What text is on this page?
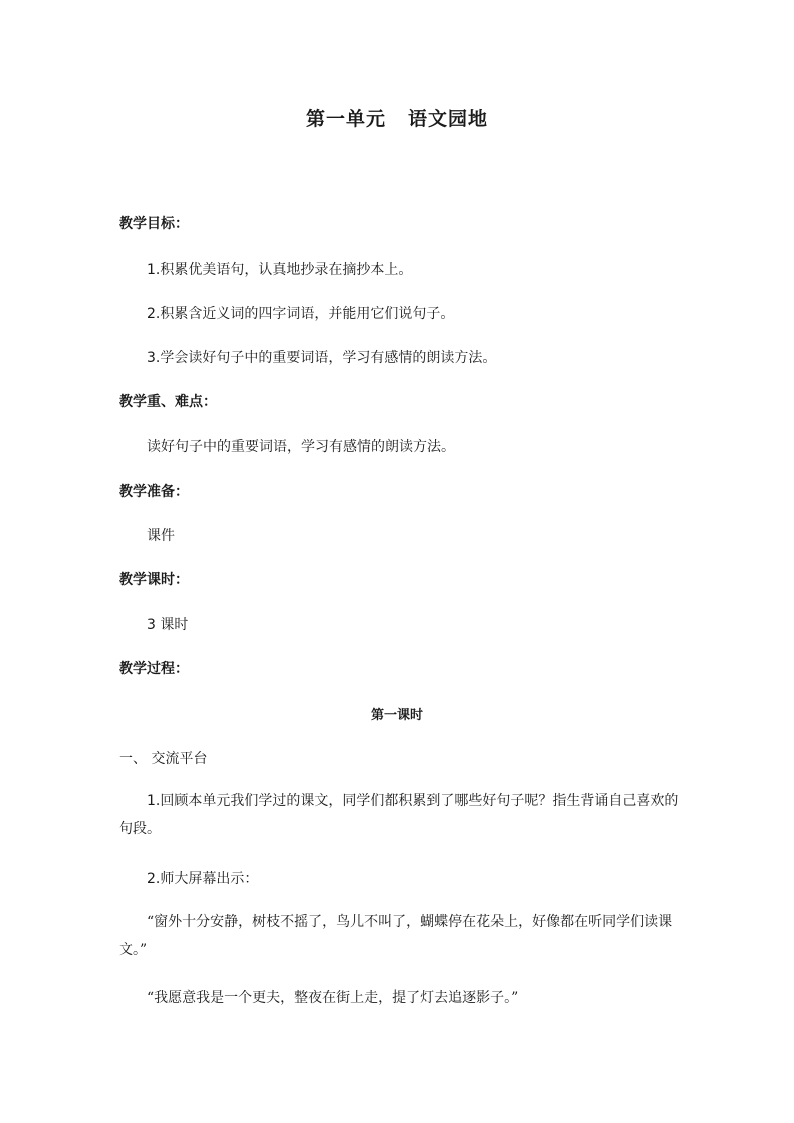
第一单元 语文园地
教学目标：
1.积累优美语句，认真地抄录在摘抄本上。
2.积累含近义词的四字词语，并能用它们说句子。
3.学会读好句子中的重要词语，学习有感情的朗读方法。
教学重、难点：
读好句子中的重要词语，学习有感情的朗读方法。
教学准备：
课件
教学课时：
3 课时
教学过程：
第一课时
一、 交流平台
1.回顾本单元我们学过的课文，同学们都积累到了哪些好句子呢？指生背诵自己喜欢的句段。
2.师大屏幕出示：
“窗外十分安静，树枝不摇了，鸟儿不叫了，蝴蝶停在花朵上，好像都在听同学们读课文。”
“我愿意我是一个更夫，整夜在街上走，提了灯去追逐影子。”
